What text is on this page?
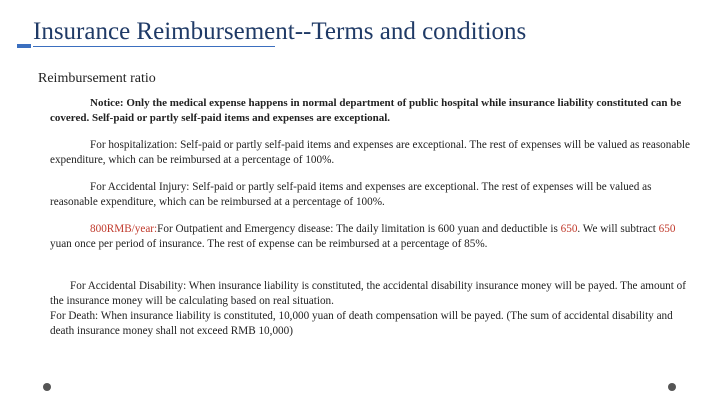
Insurance Reimbursement--Terms and conditions
Reimbursement ratio
Notice: Only the medical expense happens in normal department of public hospital while insurance liability constituted can be covered. Self-paid or partly self-paid items and expenses are exceptional.
For hospitalization: Self-paid or partly self-paid items and expenses are exceptional. The rest of expenses will be valued as reasonable expenditure, which can be reimbursed at a percentage of 100%.
For Accidental Injury: Self-paid or partly self-paid items and expenses are exceptional. The rest of expenses will be valued as reasonable expenditure, which can be reimbursed at a percentage of 100%.
800RMB/year:For Outpatient and Emergency disease: The daily limitation is 600 yuan and deductible is 650. We will subtract 650 yuan once per period of insurance. The rest of expense can be reimbursed at a percentage of 85%.
For Accidental Disability: When insurance liability is constituted, the accidental disability insurance money will be payed. The amount of the insurance money will be calculating based on real situation.
For Death: When insurance liability is constituted, 10,000 yuan of death compensation will be payed. (The sum of accidental disability and death insurance money shall not exceed RMB 10,000)
